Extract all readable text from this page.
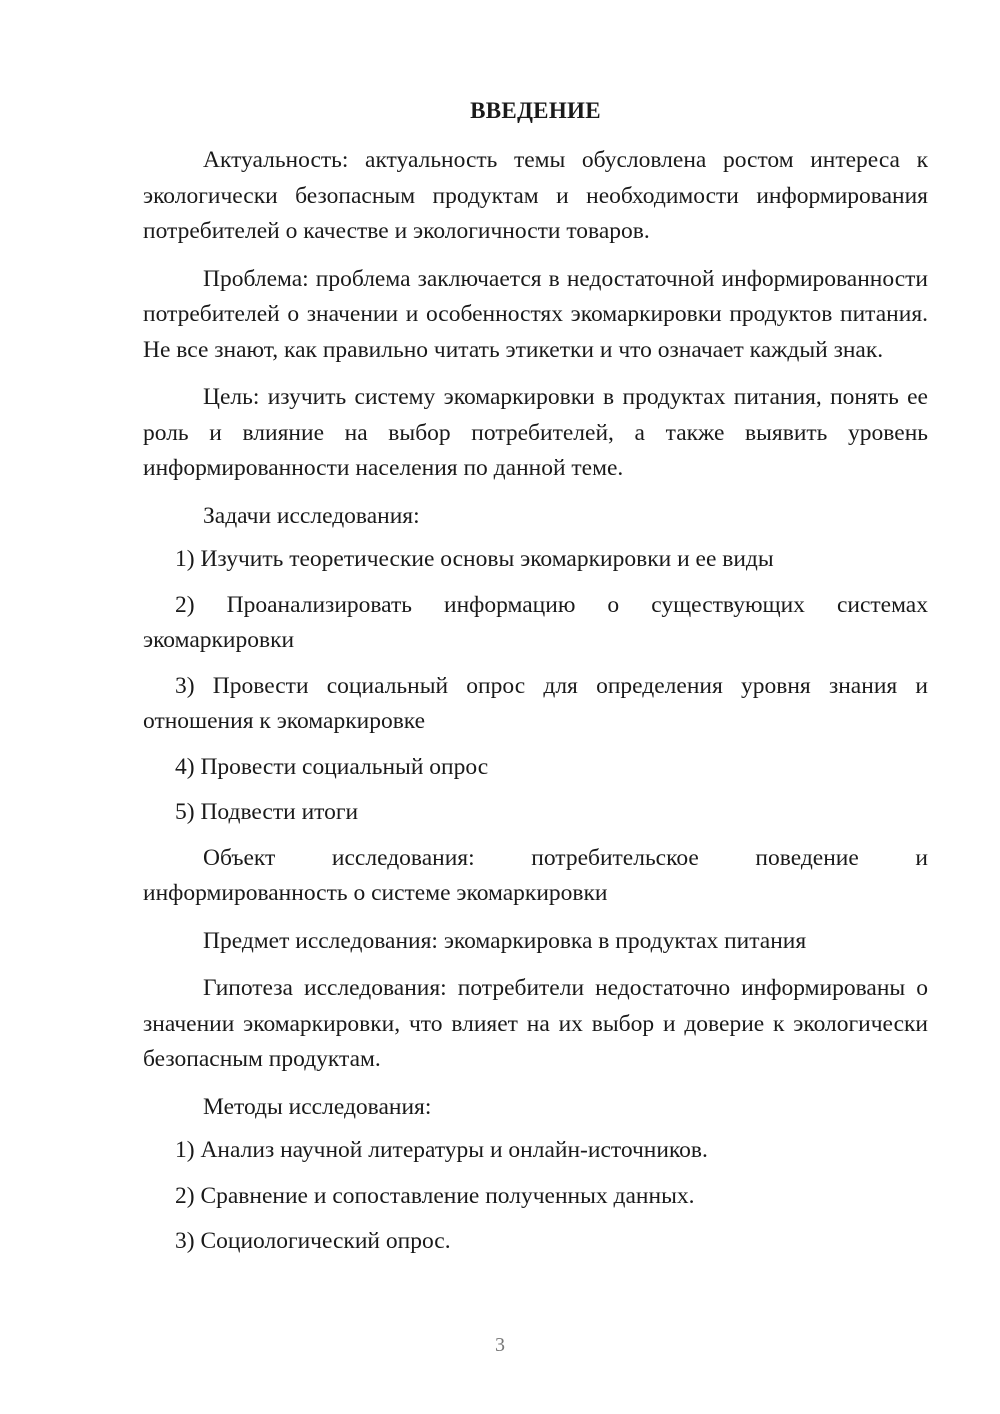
ВВЕДЕНИЕ

Актуальность: актуальность темы обусловлена ростом интереса к экологически безопасным продуктам и необходимости информирования потребителей о качестве и экологичности товаров.

Проблема: проблема заключается в недостаточной информированности потребителей о значении и особенностях экомаркировки продуктов питания. Не все знают, как правильно читать этикетки и что означает каждый знак.

Цель: изучить систему экомаркировки в продуктах питания, понять ее роль и влияние на выбор потребителей, а также выявить уровень информированности населения по данной теме.

Задачи исследования:

1) Изучить теоретические основы экомаркировки и ее виды

2) Проанализировать информацию о существующих системах экомаркировки

3) Провести социальный опрос для определения уровня знания и отношения к экомаркировке

4) Провести социальный опрос

5) Подвести итоги

Объект исследования: потребительское поведение и информированность о системе экомаркировки

Предмет исследования: экомаркировка в продуктах питания

Гипотеза исследования: потребители недостаточно информированы о значении экомаркировки, что влияет на их выбор и доверие к экологически безопасным продуктам.

Методы исследования:

1) Анализ научной литературы и онлайн-источников.

2) Сравнение и сопоставление полученных данных.

3) Социологический опрос.

3
